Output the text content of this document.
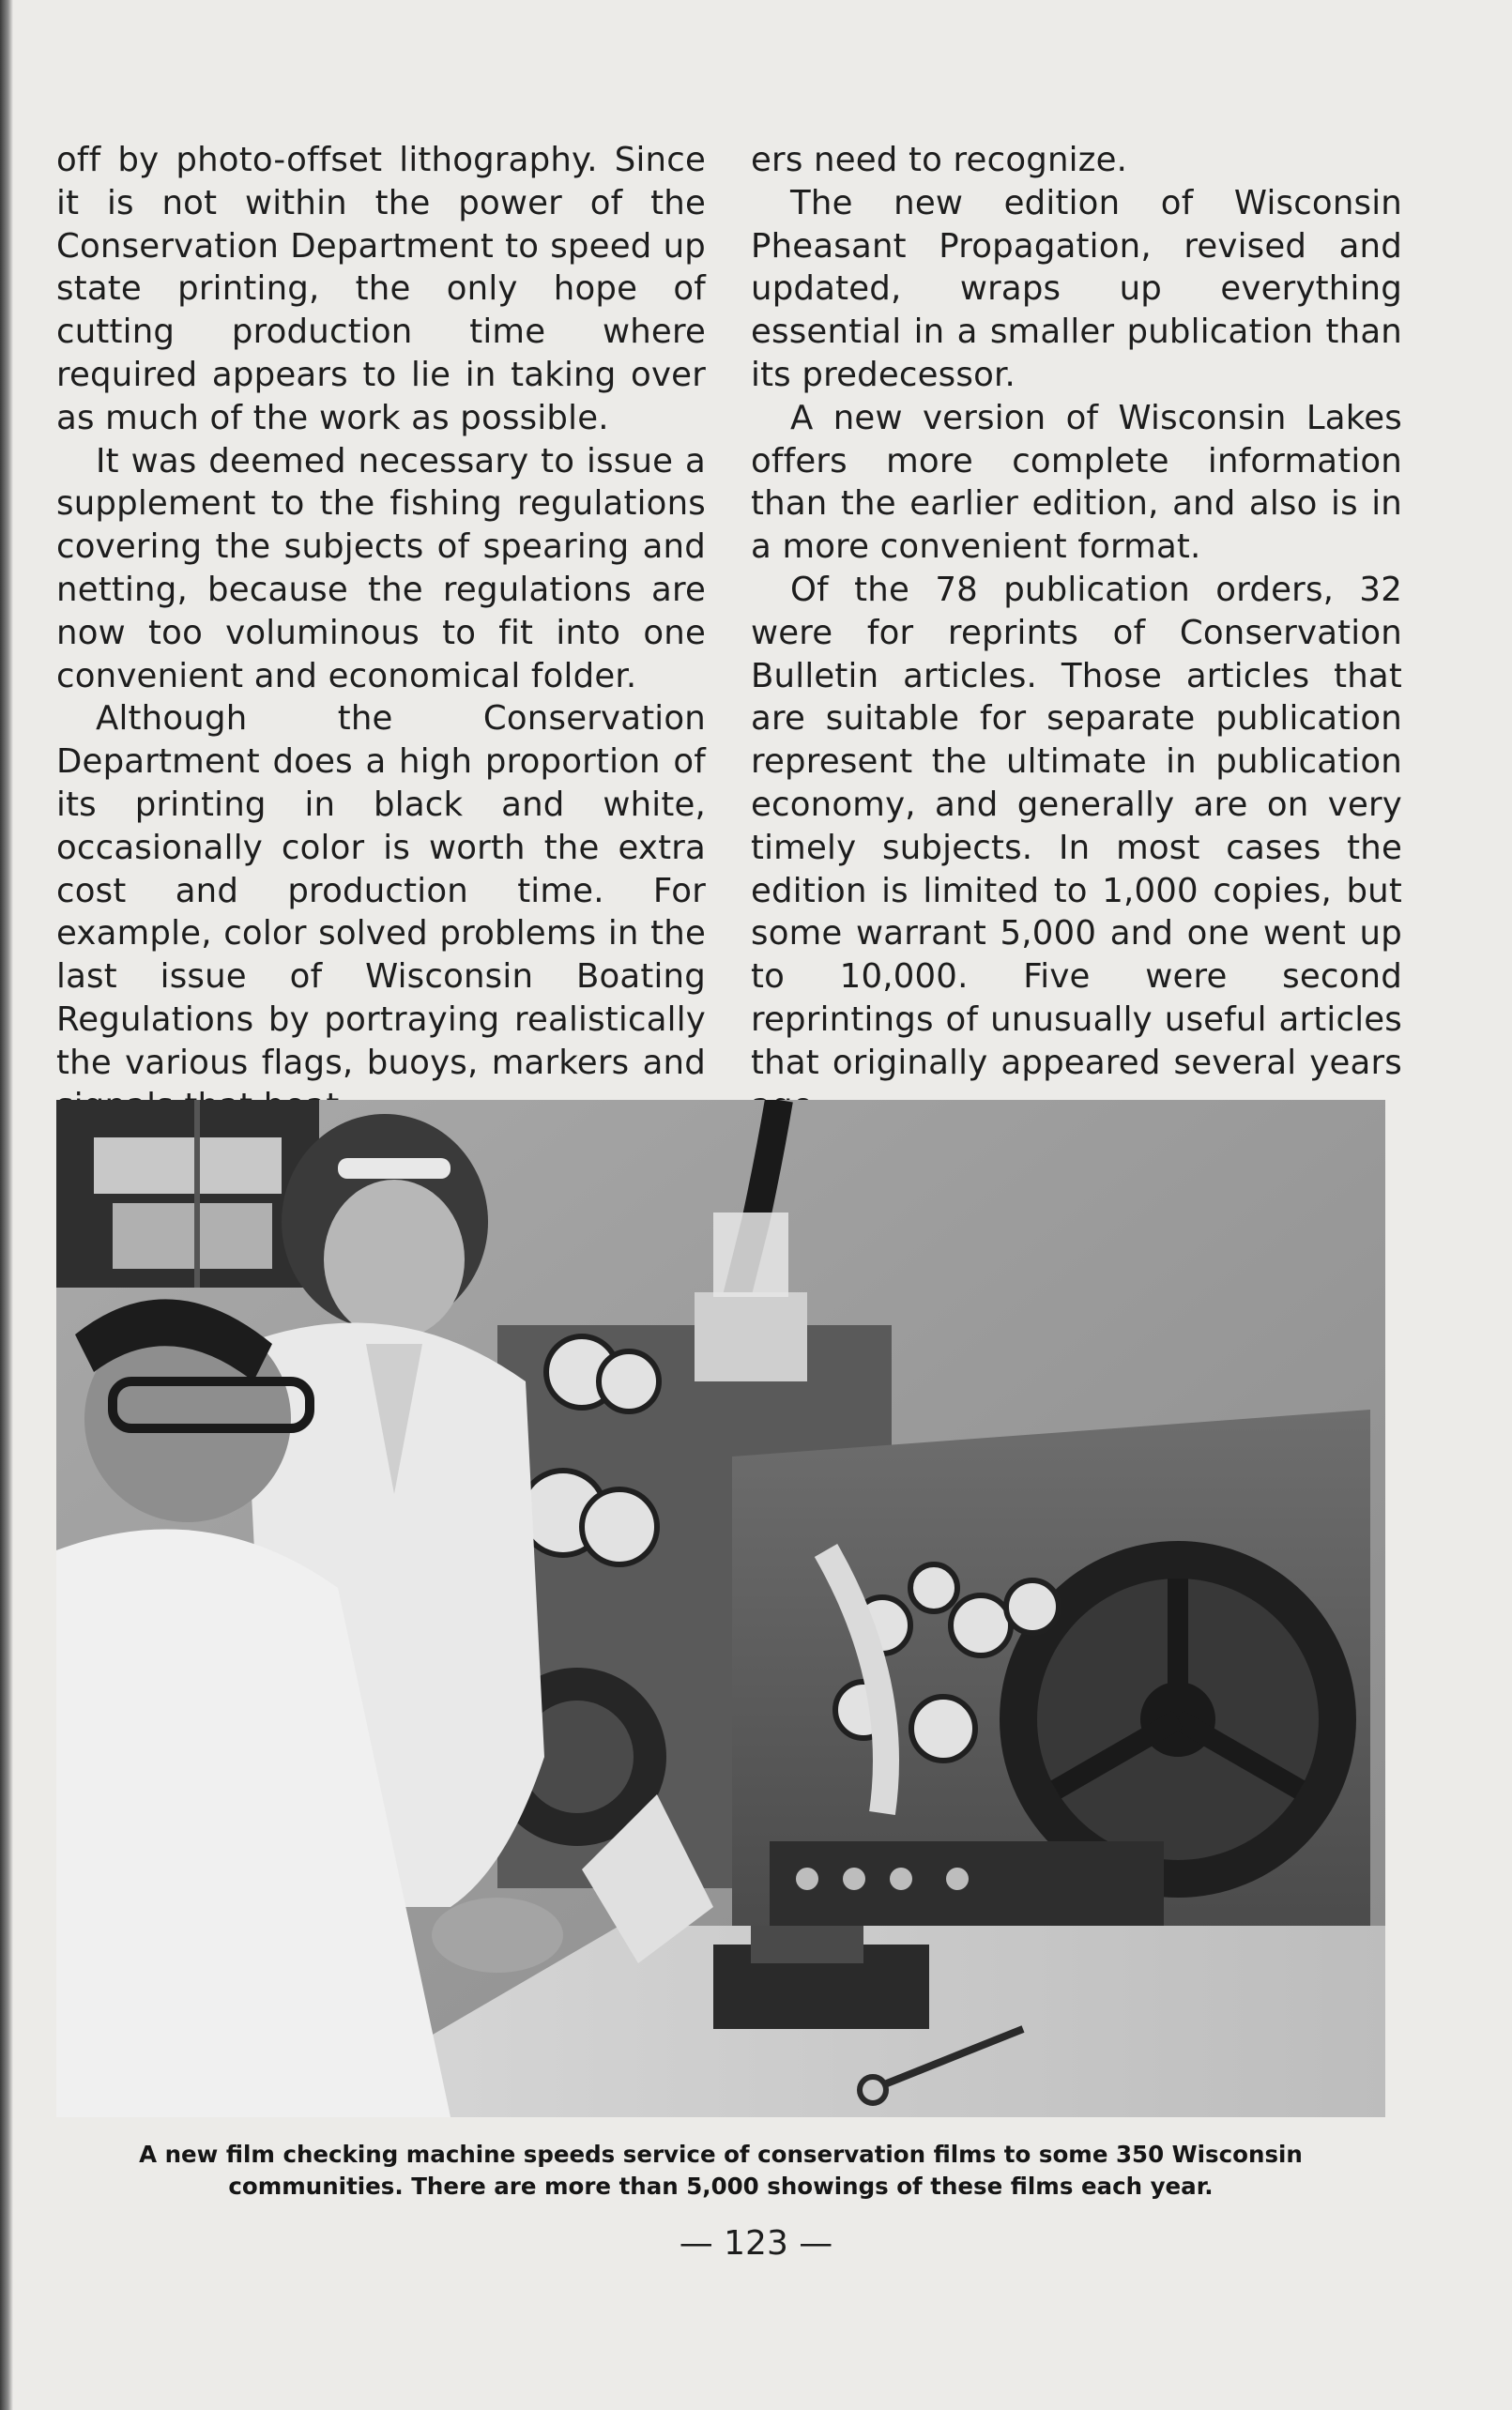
off by photo-offset lithography. Since it is not within the power of the Conservation Department to speed up state printing, the only hope of cutting production time where required appears to lie in taking over as much of the work as possible.

It was deemed necessary to issue a supplement to the fishing regulations covering the subjects of spearing and netting, because the regulations are now too voluminous to fit into one convenient and economical folder.

Although the Conservation Department does a high proportion of its printing in black and white, occasionally color is worth the extra cost and production time. For example, color solved problems in the last issue of Wisconsin Boating Regulations by portraying realistically the various flags, buoys, markers and

ers need to recognize.

The new edition of Wisconsin Pheasant Propagation, revised and updated, wraps up everything essential in a smaller publication than its predecessor.

A new version of Wisconsin Lakes offers more complete information than the earlier edition, and also is in a more convenient format.

Of the 78 publication orders, 32 were for reprints of Conservation Bulletin articles. Those articles that are suitable for separate publication represent the ultimate in publication economy, and generally are on very timely subjects. In most cases the edition is limited to 1,000 copies, but some warrant 5,000 and one went up to 10,000. Five were second reprintings of unusually useful articles that originally appeared several years

A new film checking machine speeds service of conservation films to some 350 Wisconsin
communities. There are more than 5,000 showings of these films each year.
— 123 —
